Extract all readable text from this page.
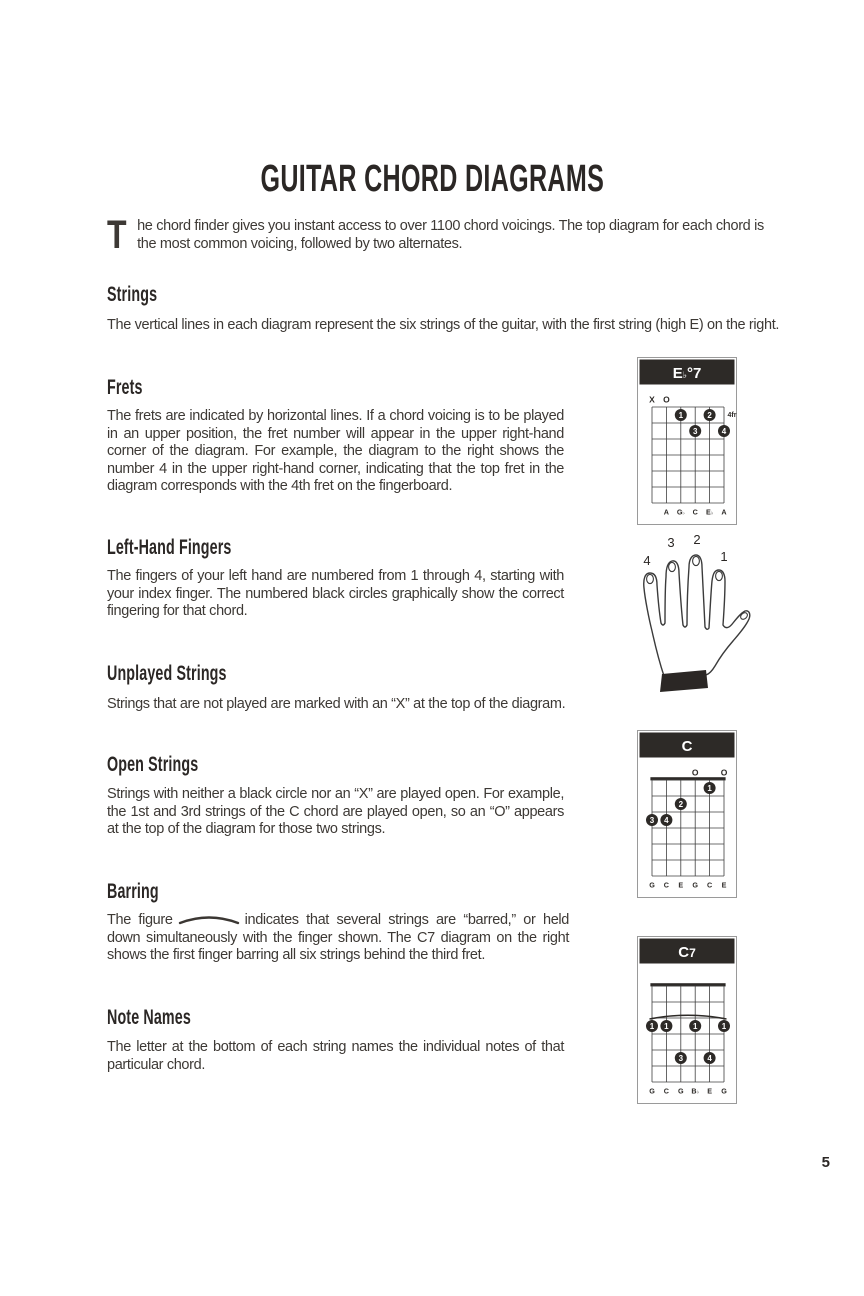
GUITAR CHORD DIAGRAMS
The chord finder gives you instant access to over 1100 chord voicings. The top diagram for each chord is the most common voicing, followed by two alternates.
Strings
The vertical lines in each diagram represent the six strings of the guitar, with the first string (high E) on the right.
Frets
The frets are indicated by horizontal lines. If a chord voicing is to be played in an upper position, the fret number will appear in the upper right-hand corner of the diagram. For example, the diagram to the right shows the number 4 in the upper right-hand corner, indicating that the top fret in the diagram corresponds with the 4th fret on the fingerboard.
E♭°7
X O
4fr
1	2
3	4
A G♭ C E♭ A
Left-Hand Fingers
The fingers of your left hand are numbered from 1 through 4, starting with your index finger. The numbered black circles graphically show the correct fingering for that chord.
4
3 2
1
Unplayed Strings
Strings that are not played are marked with an “X” at the top of the diagram.
Open Strings
Strings with neither a black circle nor an “X” are played open. For example, the 1st and 3rd strings of the C chord are played open, so an “O” appears at the top of the diagram for those two strings.
C
O	O
1
2
3 4
G C E G C E
Barring
The figure	indicates that several strings are “barred,” or held down simultaneously with the finger shown. The C7 diagram on the right shows the first finger barring all six strings behind the third fret.	C7
1 1	1	1
3	4
G C G B♭ E G
Note Names
The letter at the bottom of each string names the individual notes of that particular chord.
5
